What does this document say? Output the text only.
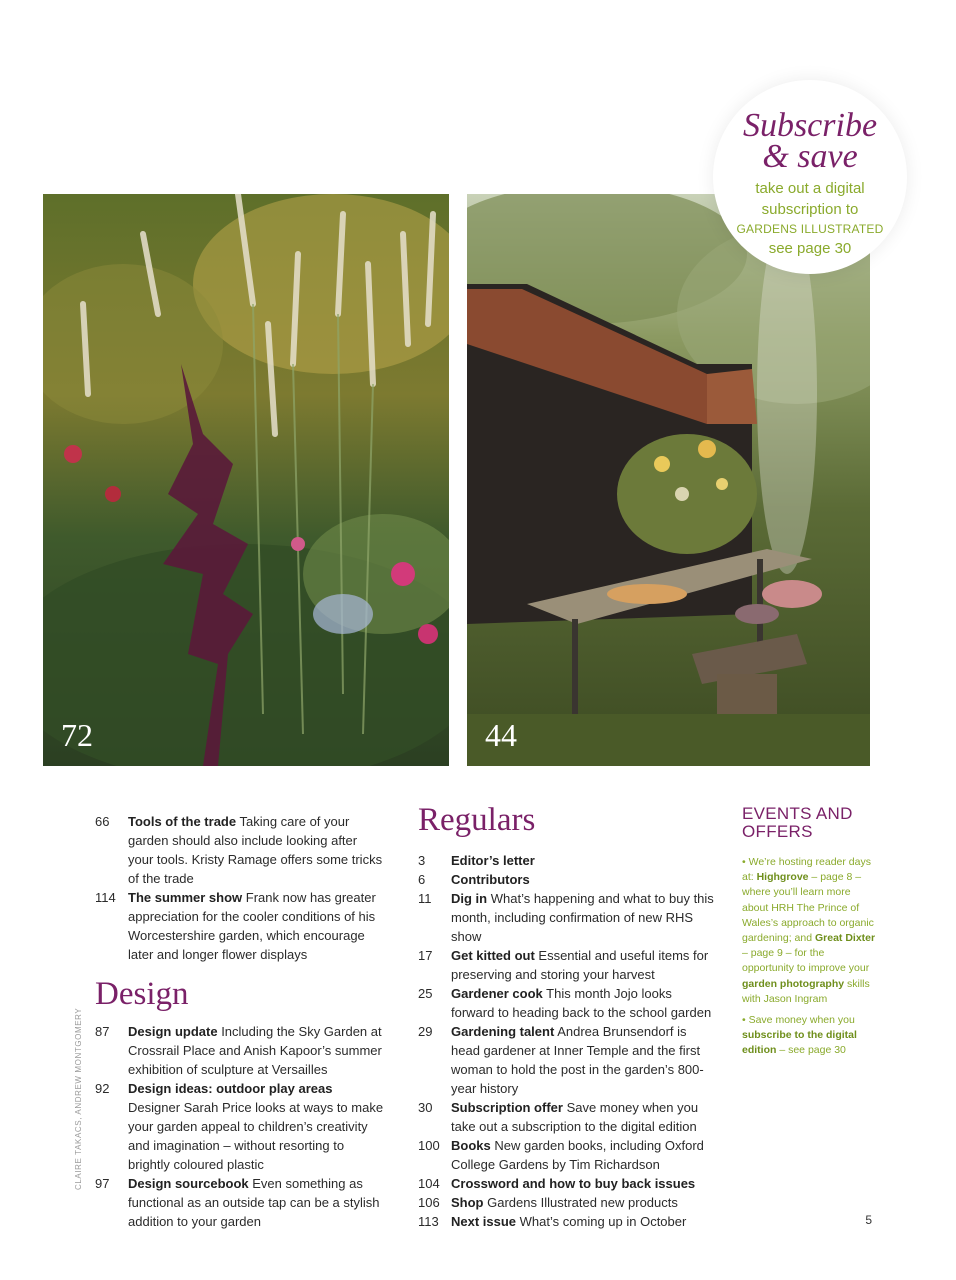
72	44
Subscribe
& save
take out a digital
subscription to
GARDENS ILLUSTRATED
see page 30
66	Tools of the trade Taking care of your garden should also include looking after your tools. Kristy Ramage offers some tricks of the trade
114 The summer show Frank now has greater appreciation for the cooler conditions of his Worcestershire garden, which encourage later and longer flower displays
Design
87	Design update Including the Sky Garden at Crossrail Place and Anish Kapoor’s summer exhibition of sculpture at Versailles
92	Design ideas: outdoor play areas Designer Sarah Price looks at ways to make your garden appeal to children’s creativity and imagination – without resorting to brightly coloured plastic
97	Design sourcebook Even something as functional as an outside tap can be a stylish addition to your garden
Regulars
3	Editor’s letter
6	Contributors
11	Dig in What’s happening and what to buy this month, including confirmation of new RHS show
17	Get kitted out Essential and useful items for preserving and storing your harvest
25	Gardener cook This month Jojo looks forward to heading back to the school garden
29	Gardening talent Andrea Brunsendorf is head gardener at Inner Temple and the first woman to hold the post in the garden’s 800-year history
30	Subscription offer Save money when you take out a subscription to the digital edition
100 Books New garden books, including Oxford College Gardens by Tim Richardson
104 Crossword and how to buy back issues
106 Shop Gardens Illustrated new products
113 Next issue What’s coming up in October
EVENTS AND
OFFERS
• We’re hosting reader days at: Highgrove – page 8 – where you’ll learn more about HRH The Prince of Wales’s approach to organic gardening; and Great Dixter – page 9 – for the opportunity to improve your garden photography skills with Jason Ingram
• Save money when you subscribe to the digital edition – see page 30
CLAIRE TAKACS, ANDREW MONTGOMERY
5
